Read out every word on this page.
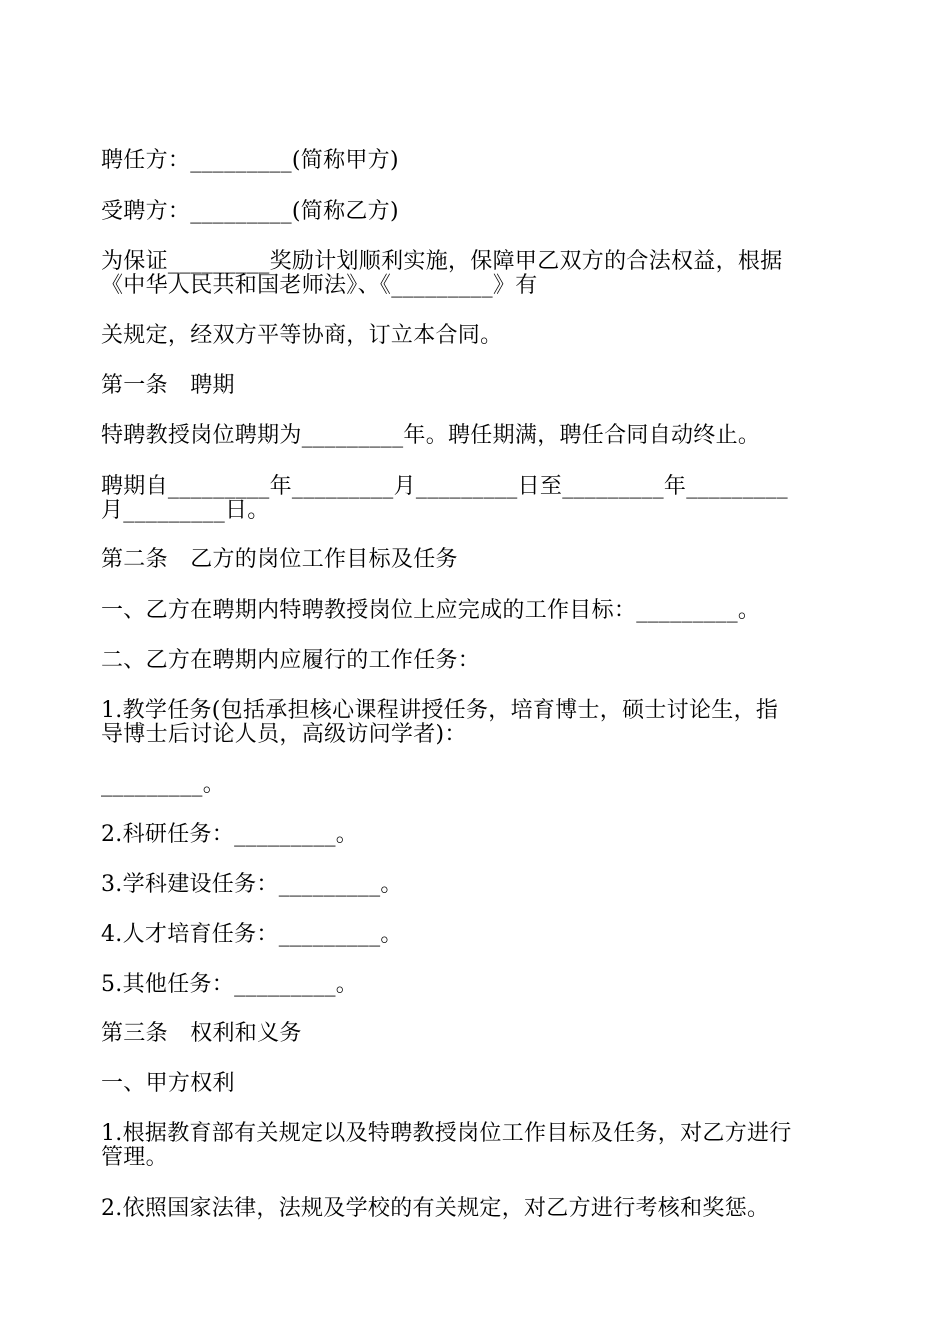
聘任方：_________(简称甲方)
受聘方：_________(简称乙方)
为保证_________奖励计划顺利实施，保障甲乙双方的合法权益，根据
《中华人民共和国老师法》、《_________》有
关规定，经双方平等协商，订立本合同。
第一条　聘期
特聘教授岗位聘期为_________年。聘任期满，聘任合同自动终止。
聘期自_________年_________月_________日至_________年_________
月_________日。
第二条　乙方的岗位工作目标及任务
一、乙方在聘期内特聘教授岗位上应完成的工作目标：_________。
二、乙方在聘期内应履行的工作任务：
1.教学任务(包括承担核心课程讲授任务，培育博士，硕士讨论生，指
导博士后讨论人员，高级访问学者)：
_________。
2.科研任务：_________。
3.学科建设任务：_________。
4.人才培育任务：_________。
5.其他任务：_________。
第三条　权利和义务
一、甲方权利
1.根据教育部有关规定以及特聘教授岗位工作目标及任务，对乙方进行
管理。
2.依照国家法律，法规及学校的有关规定，对乙方进行考核和奖惩。
